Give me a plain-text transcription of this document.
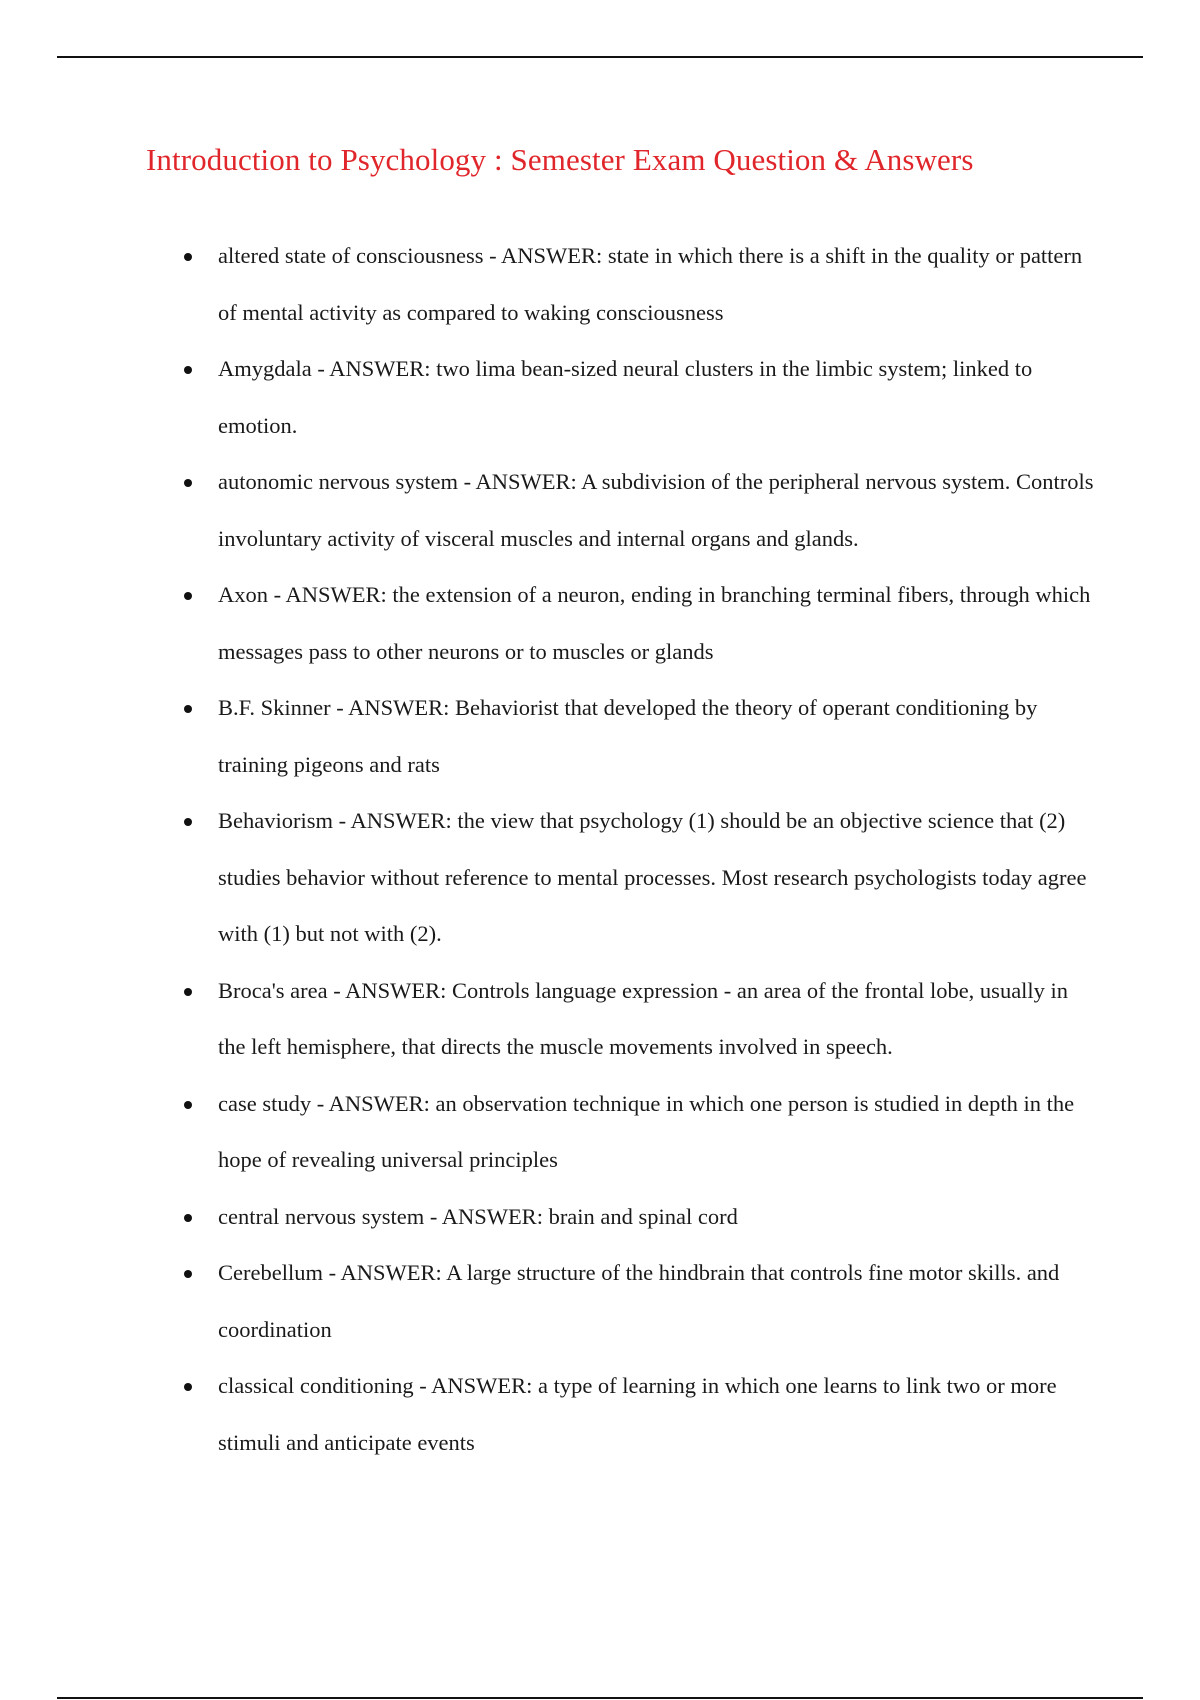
Introduction to Psychology : Semester Exam Question & Answers
altered state of consciousness - ANSWER: state in which there is a shift in the quality or pattern of mental activity as compared to waking consciousness
Amygdala - ANSWER: two lima bean-sized neural clusters in the limbic system; linked to emotion.
autonomic nervous system - ANSWER: A subdivision of the peripheral nervous system. Controls involuntary activity of visceral muscles and internal organs and glands.
Axon - ANSWER: the extension of a neuron, ending in branching terminal fibers, through which messages pass to other neurons or to muscles or glands
B.F. Skinner - ANSWER: Behaviorist that developed the theory of operant conditioning by training pigeons and rats
Behaviorism - ANSWER: the view that psychology (1) should be an objective science that (2) studies behavior without reference to mental processes. Most research psychologists today agree with (1) but not with (2).
Broca's area - ANSWER: Controls language expression - an area of the frontal lobe, usually in the left hemisphere, that directs the muscle movements involved in speech.
case study - ANSWER: an observation technique in which one person is studied in depth in the hope of revealing universal principles
central nervous system - ANSWER: brain and spinal cord
Cerebellum - ANSWER: A large structure of the hindbrain that controls fine motor skills. and coordination
classical conditioning - ANSWER: a type of learning in which one learns to link two or more stimuli and anticipate events
